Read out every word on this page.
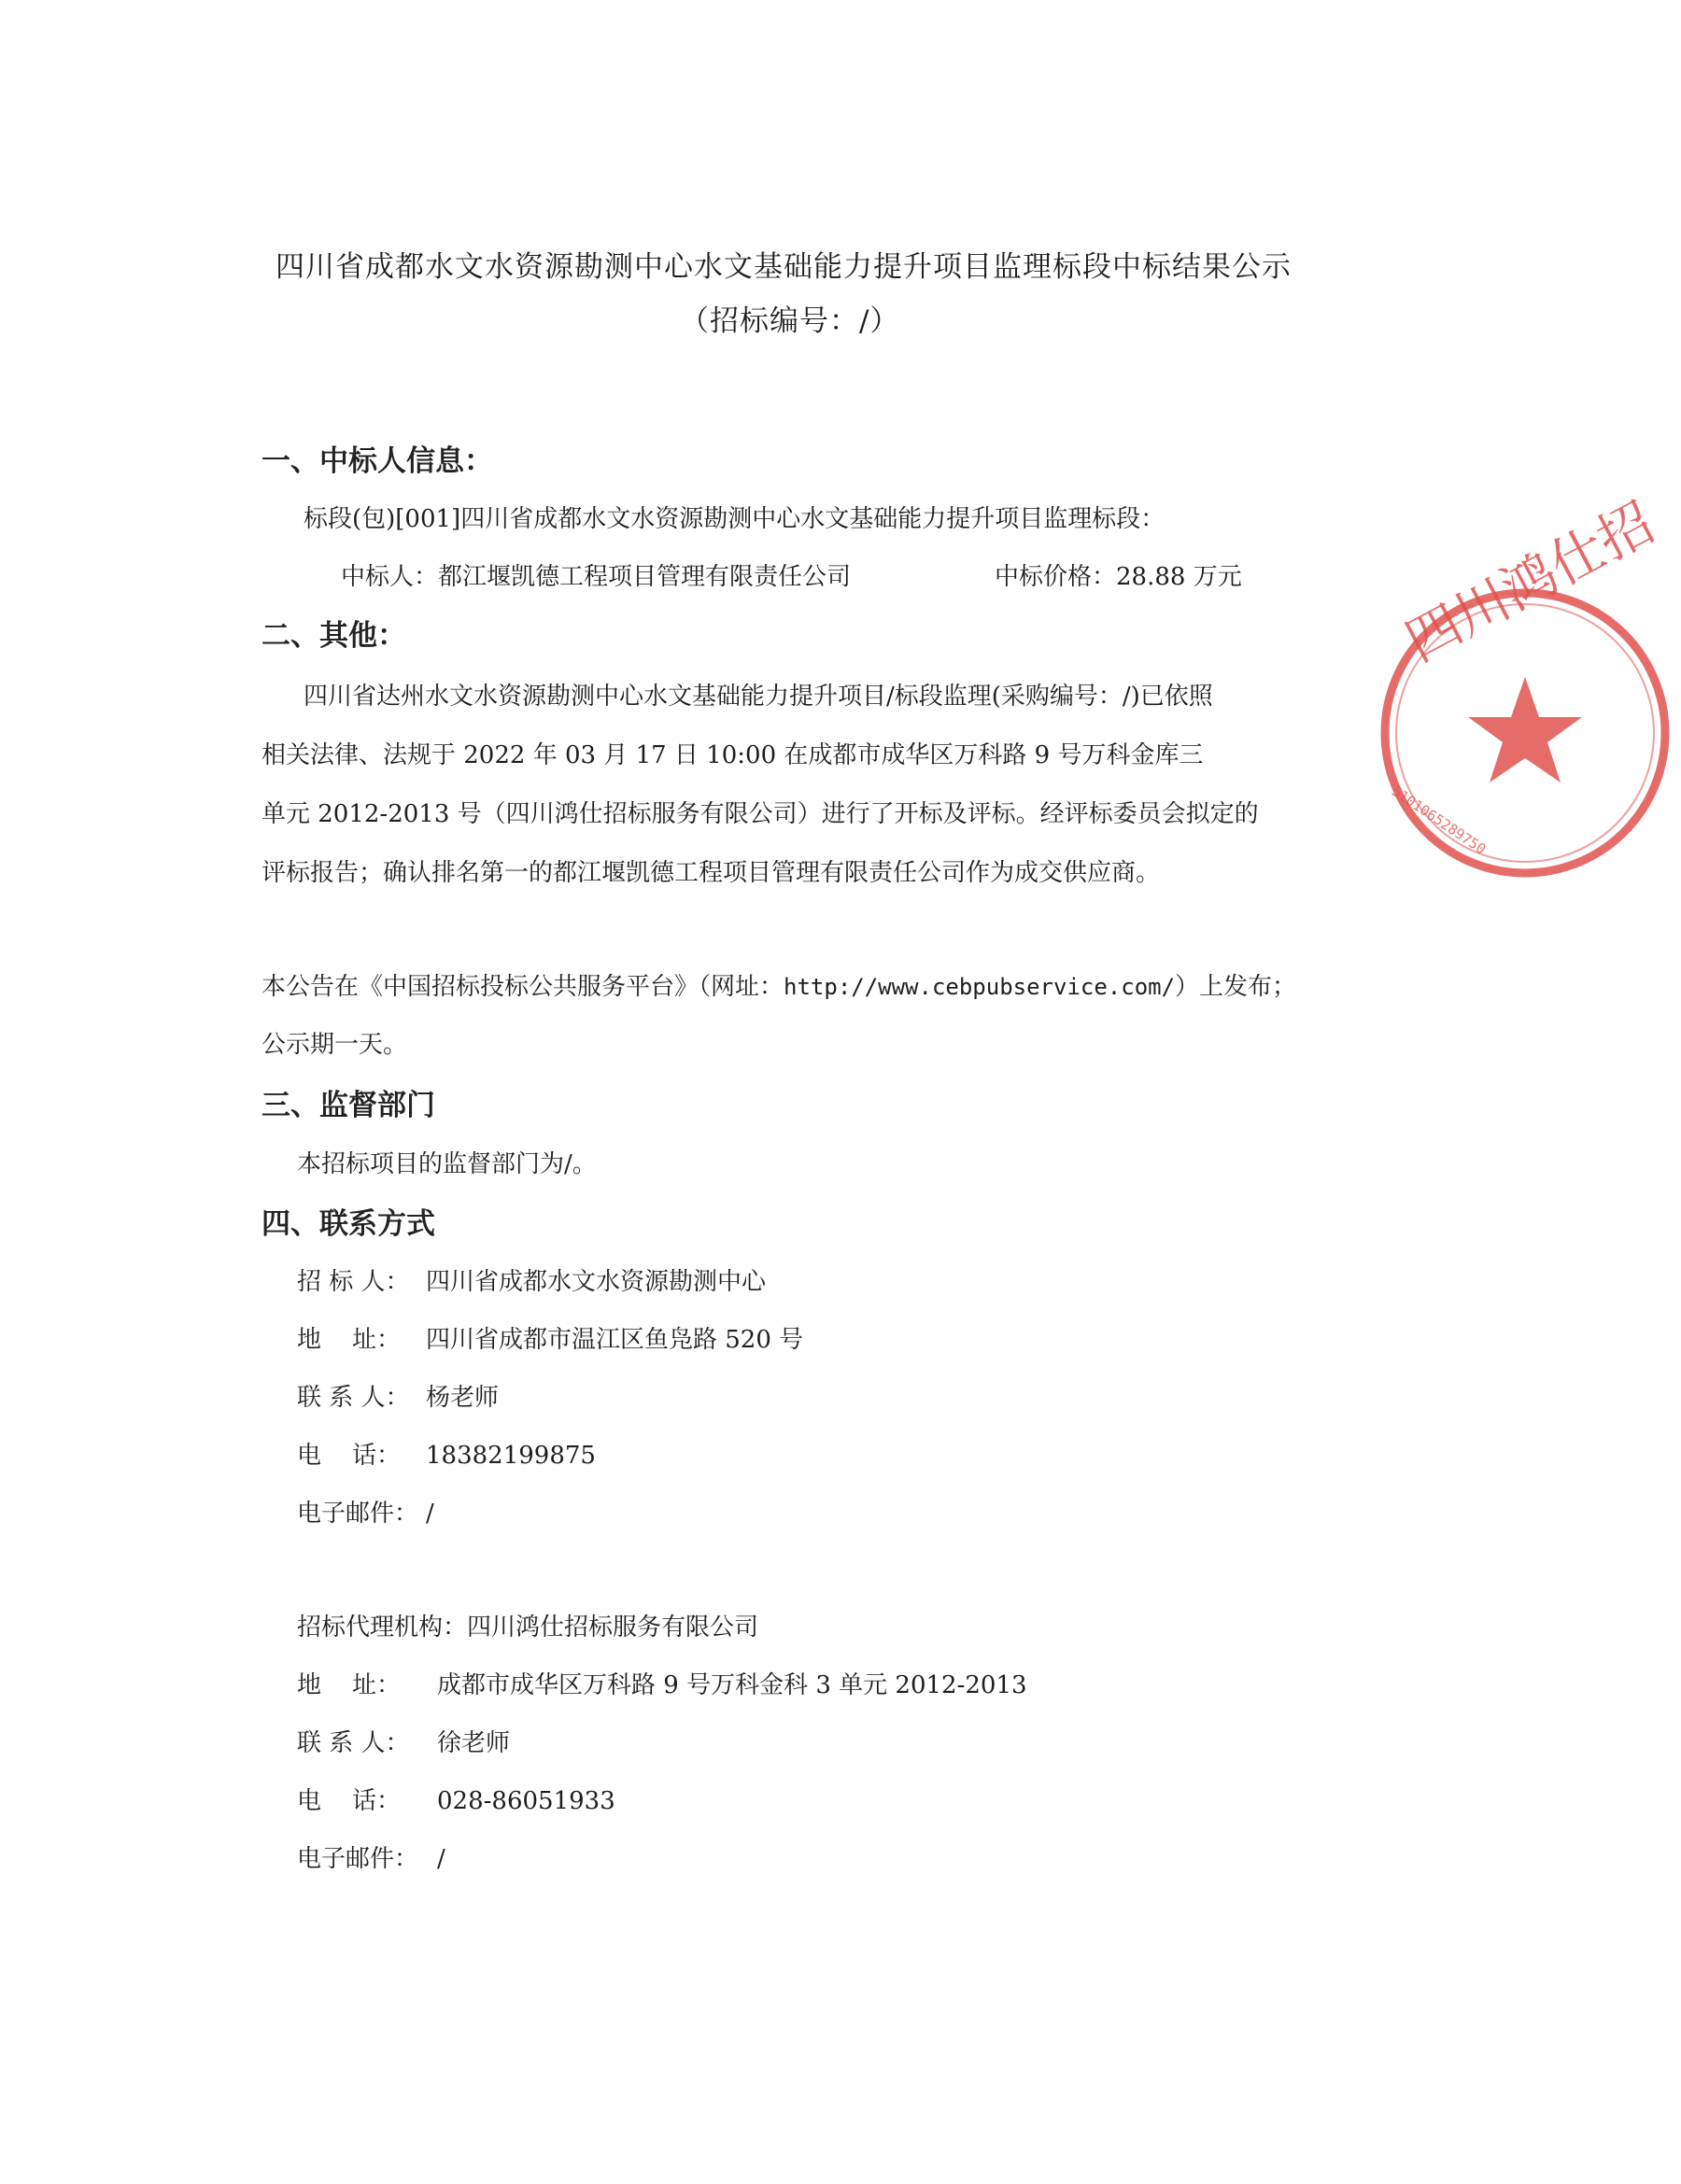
四川省成都水文水资源勘测中心水文基础能力提升项目监理标段中标结果公示
（招标编号：/）
一、中标人信息：
标段(包)[001]四川省成都水文水资源勘测中心水文基础能力提升项目监理标段：
中标人：都江堰凯德工程项目管理有限责任公司	中标价格：28.88 万元
二、其他：
四川省达州水文水资源勘测中心水文基础能力提升项目/标段监理(采购编号：/)已依照
相关法律、法规于 2022 年 03 月 17 日 10:00 在成都市成华区万科路 9 号万科金库三
单元 2012-2013 号（四川鸿仕招标服务有限公司）进行了开标及评标。经评标委员会拟定的
评标报告；确认排名第一的都江堰凯德工程项目管理有限责任公司作为成交供应商。
本公告在《中国招标投标公共服务平台》（网址：http://www.cebpubservice.com/）上发布；
公示期一天。
三、监督部门
本招标项目的监督部门为/。
四、联系方式
招 标 人： 四川省成都水文水资源勘测中心
地    址： 四川省成都市温江区鱼凫路 520 号
联 系 人： 杨老师
电    话： 18382199875
电子邮件： /
招标代理机构：四川鸿仕招标服务有限公司
地    址： 成都市成华区万科路 9 号万科金科 3 单元 2012-2013
联 系 人： 徐老师
电    话： 028-86051933
电子邮件： /
四川鸿仕招
5101065289750
